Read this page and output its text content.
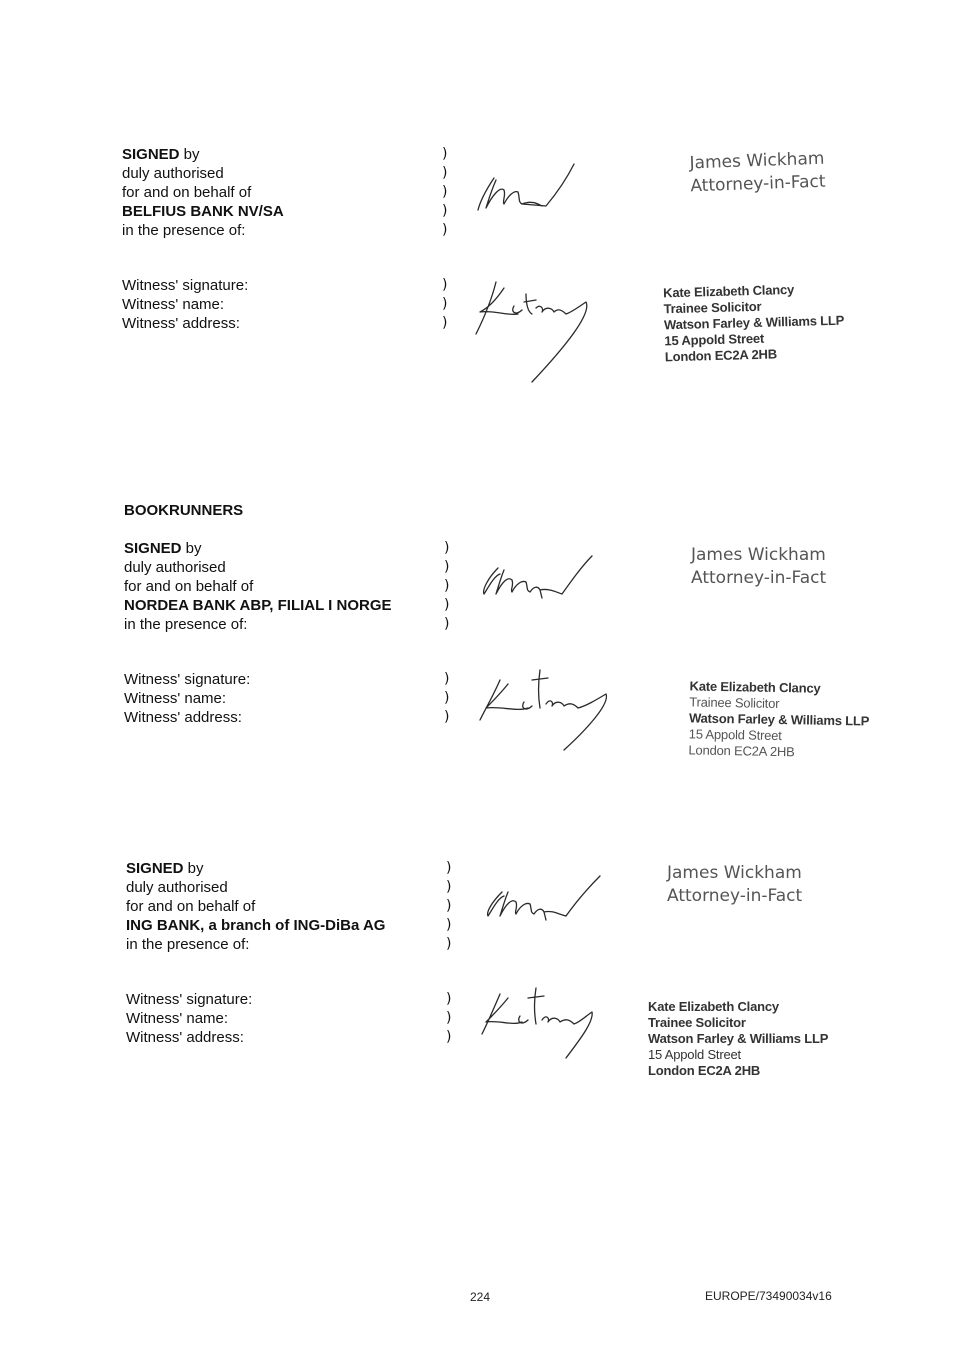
SIGNED by
duly authorised
for and on behalf of
BELFIUS BANK NV/SA
in the presence of:
)
)
)
)
)
James Wickham
Attorney-in-Fact
Witness' signature:
Witness' name:
Witness' address:
)
)
)
Kate Elizabeth Clancy
Trainee Solicitor
Watson Farley & Williams LLP
15 Appold Street
London EC2A 2HB
BOOKRUNNERS
SIGNED by
duly authorised
for and on behalf of
NORDEA BANK ABP, FILIAL I NORGE
in the presence of:
)
)
)
)
)
James Wickham
Attorney-in-Fact
Witness' signature:
Witness' name:
Witness' address:
)
)
)
Kate Elizabeth Clancy
Trainee Solicitor
Watson Farley & Williams LLP
15 Appold Street
London EC2A 2HB
SIGNED by
duly authorised
for and on behalf of
ING BANK, a branch of ING-DiBa AG
in the presence of:
)
)
)
)
)
James Wickham
Attorney-in-Fact
Witness' signature:
Witness' name:
Witness' address:
)
)
)
Kate Elizabeth Clancy
Trainee Solicitor
Watson Farley & Williams LLP
15 Appold Street
London EC2A 2HB
224	EUROPE/73490034v16
